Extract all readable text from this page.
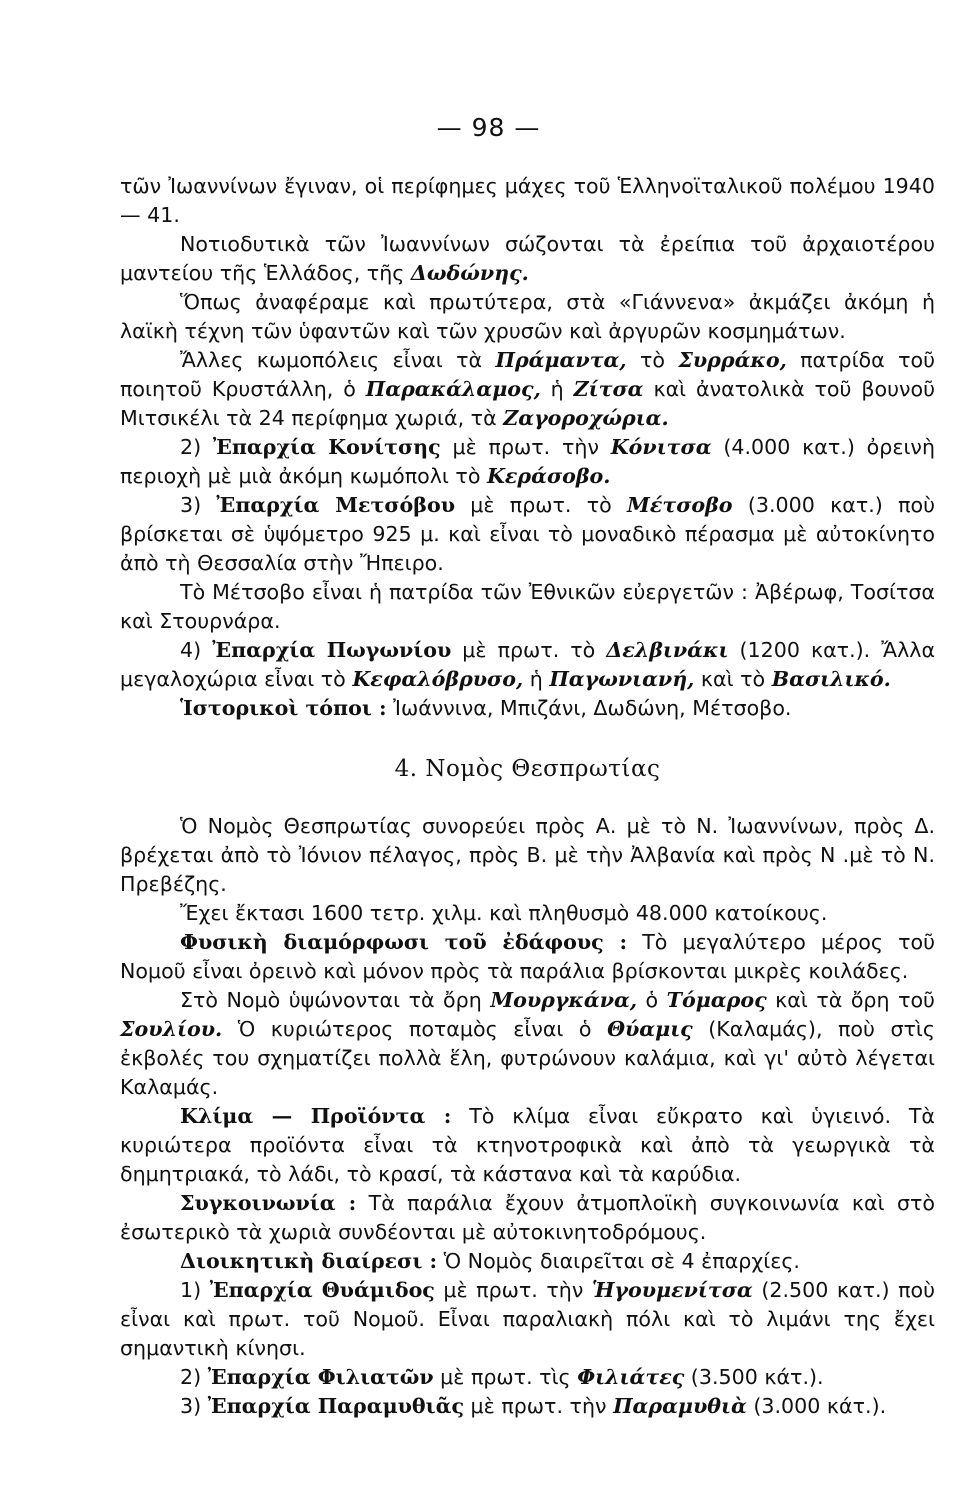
— 98 —

τῶν Ἰωαννίνων ἔγιναν, οἱ περίφημες μάχες τοῦ Ἑλληνοϊταλικοῦ πολέμου 1940 — 41.

Νοτιοδυτικὰ τῶν Ἰωαννίνων σώζονται τὰ ἐρείπια τοῦ ἀρχαιοτέρου μαντείου τῆς Ἑλλάδος, τῆς Δωδώνης.

Ὅπως ἀναφέραμε καὶ πρωτύτερα, στὰ «Γιάννενα» ἀκμάζει ἀκόμη ἡ λαϊκὴ τέχνη τῶν ὑφαντῶν καὶ τῶν χρυσῶν καὶ ἀργυρῶν κοσμημάτων.

Ἄλλες κωμοπόλεις εἶναι τὰ Πράμαντα, τὸ Συρράκο, πατρίδα τοῦ ποιητοῦ Κρυστάλλη, ὁ Παρακάλαμος, ἡ Ζίτσα καὶ ἀνατολικὰ τοῦ βουνοῦ Μιτσικέλι τὰ 24 περίφημα χωριά, τὰ Ζαγοροχώρια.

2) Ἐπαρχία Κονίτσης μὲ πρωτ. τὴν Κόνιτσα (4.000 κατ.) ὀρεινὴ περιοχὴ μὲ μιὰ ἀκόμη κωμόπολι τὸ Κεράσοβο.

3) Ἐπαρχία Μετσόβου μὲ πρωτ. τὸ Μέτσοβο (3.000 κατ.) ποὺ βρίσκεται σὲ ὑψόμετρο 925 μ. καὶ εἶναι τὸ μοναδικὸ πέρασμα μὲ αὐτοκίνητο ἀπὸ τὴ Θεσσαλία στὴν Ἤπειρο.

Τὸ Μέτσοβο εἶναι ἡ πατρίδα τῶν Ἐθνικῶν εὐεργετῶν : Ἀβέρωφ, Τοσίτσα καὶ Στουρνάρα.

4) Ἐπαρχία Πωγωνίου μὲ πρωτ. τὸ Δελβινάκι (1200 κατ.). Ἄλλα μεγαλοχώρια εἶναι τὸ Κεφαλόβρυσο, ἡ Παγωνιανή, καὶ τὸ Βασιλικό.

Ἱστορικοὶ τόποι : Ἰωάννινα, Μπιζάνι, Δωδώνη, Μέτσοβο.

4. Νομὸς Θεσπρωτίας

Ὁ Νομὸς Θεσπρωτίας συνορεύει πρὸς Α. μὲ τὸ Ν. Ἰωαννίνων, πρὸς Δ. βρέχεται ἀπὸ τὸ Ἰόνιον πέλαγος, πρὸς Β. μὲ τὴν Ἀλβανία καὶ πρὸς Ν .μὲ τὸ Ν. Πρεβέζης.

Ἔχει ἔκτασι 1600 τετρ. χιλμ. καὶ πληθυσμὸ 48.000 κατοίκους.

Φυσικὴ διαμόρφωσι τοῦ ἐδάφους : Τὸ μεγαλύτερο μέρος τοῦ Νομοῦ εἶναι ὀρεινὸ καὶ μόνον πρὸς τὰ παράλια βρίσκονται μικρὲς κοιλάδες.

Στὸ Νομὸ ὑψώνονται τὰ ὄρη Μουργκάνα, ὁ Τόμαρος καὶ τὰ ὄρη τοῦ Σουλίου. Ὁ κυριώτερος ποταμὸς εἶναι ὁ Θύαμις (Καλαμάς), ποὺ στὶς ἐκβολές του σχηματίζει πολλὰ ἕλη, φυτρώνουν καλάμια, καὶ γι' αὐτὸ λέγεται Καλαμάς.

Κλίμα — Προϊόντα : Τὸ κλίμα εἶναι εὔκρατο καὶ ὑγιεινό. Τὰ κυριώτερα προϊόντα εἶναι τὰ κτηνοτροφικὰ καὶ ἀπὸ τὰ γεωργικὰ τὰ δημητριακά, τὸ λάδι, τὸ κρασί, τὰ κάστανα καὶ τὰ καρύδια.

Συγκοινωνία : Τὰ παράλια ἔχουν ἀτμοπλοϊκὴ συγκοινωνία καὶ στὸ ἐσωτερικὸ τὰ χωριὰ συνδέονται μὲ αὐτοκινητοδρόμους.

Διοικητικὴ διαίρεσι : Ὁ Νομὸς διαιρεῖται σὲ 4 ἐπαρχίες.

1) Ἐπαρχία Θυάμιδος μὲ πρωτ. τὴν Ἡγουμενίτσα (2.500 κατ.) ποὺ εἶναι καὶ πρωτ. τοῦ Νομοῦ. Εἶναι παραλιακὴ πόλι καὶ τὸ λιμάνι της ἔχει σημαντικὴ κίνησι.

2) Ἐπαρχία Φιλιατῶν μὲ πρωτ. τὶς Φιλιάτες (3.500 κάτ.).

3) Ἐπαρχία Παραμυθιᾶς μὲ πρωτ. τὴν Παραμυθιὰ (3.000 κάτ.).
